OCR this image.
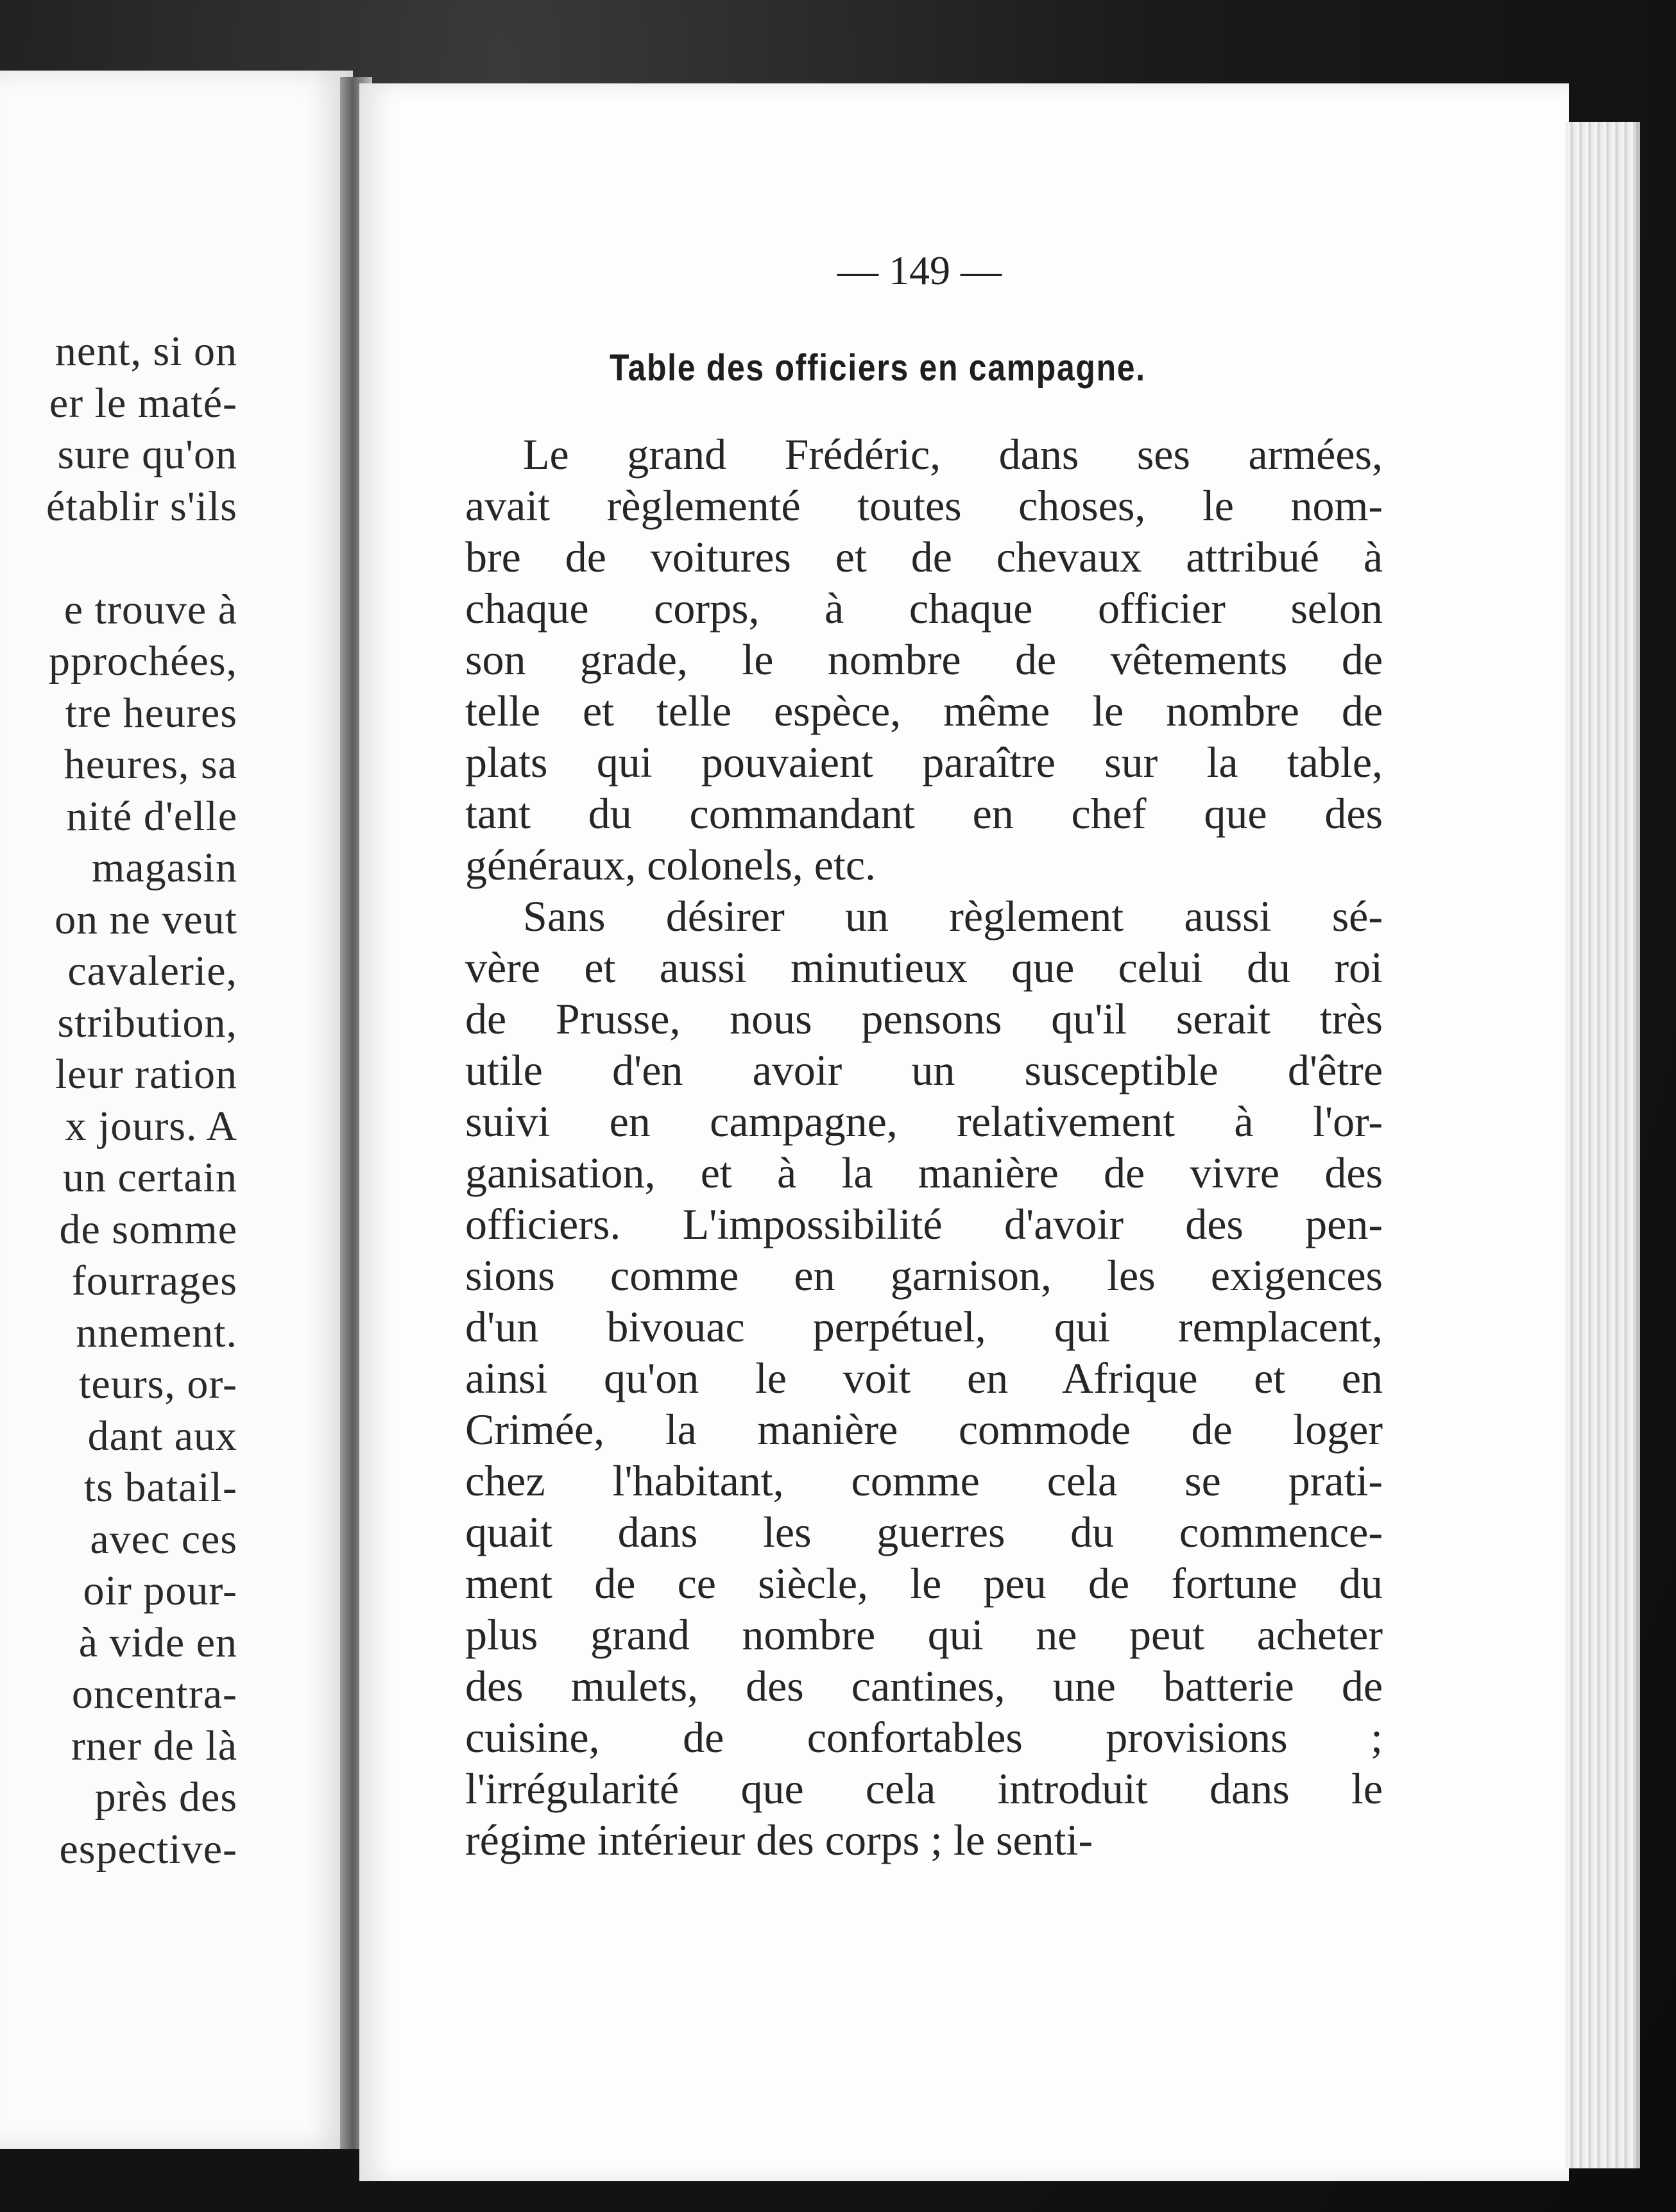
nent, si on
er le maté-
sure qu'on
établir s'ils
e trouve à
pprochées,
tre heures
heures, sa
nité d'elle
magasin
on ne veut
cavalerie,
stribution,
leur ration
x jours. A
un certain
de somme
fourrages
nnement.
teurs, or-
dant aux
ts batail-
avec ces
oir pour-
à vide en
oncentra-
rner de là
près des
espective-
— 149 —
Table des officiers en campagne.
Le grand Frédéric, dans ses armées,
avait règlementé toutes choses, le nom-
bre de voitures et de chevaux attribué à
chaque corps, à chaque officier selon
son grade, le nombre de vêtements de
telle et telle espèce, même le nombre de
plats qui pouvaient paraître sur la table,
tant du commandant en chef que des
généraux, colonels, etc.
Sans désirer un règlement aussi sé-
vère et aussi minutieux que celui du roi
de Prusse, nous pensons qu'il serait très
utile d'en avoir un susceptible d'être
suivi en campagne, relativement à l'or-
ganisation, et à la manière de vivre des
officiers. L'impossibilité d'avoir des pen-
sions comme en garnison, les exigences
d'un bivouac perpétuel, qui remplacent,
ainsi qu'on le voit en Afrique et en
Crimée, la manière commode de loger
chez l'habitant, comme cela se prati-
quait dans les guerres du commence-
ment de ce siècle, le peu de fortune du
plus grand nombre qui ne peut acheter
des mulets, des cantines, une batterie de
cuisine, de confortables provisions ;
l'irrégularité que cela introduit dans le
régime intérieur des corps ; le senti-
